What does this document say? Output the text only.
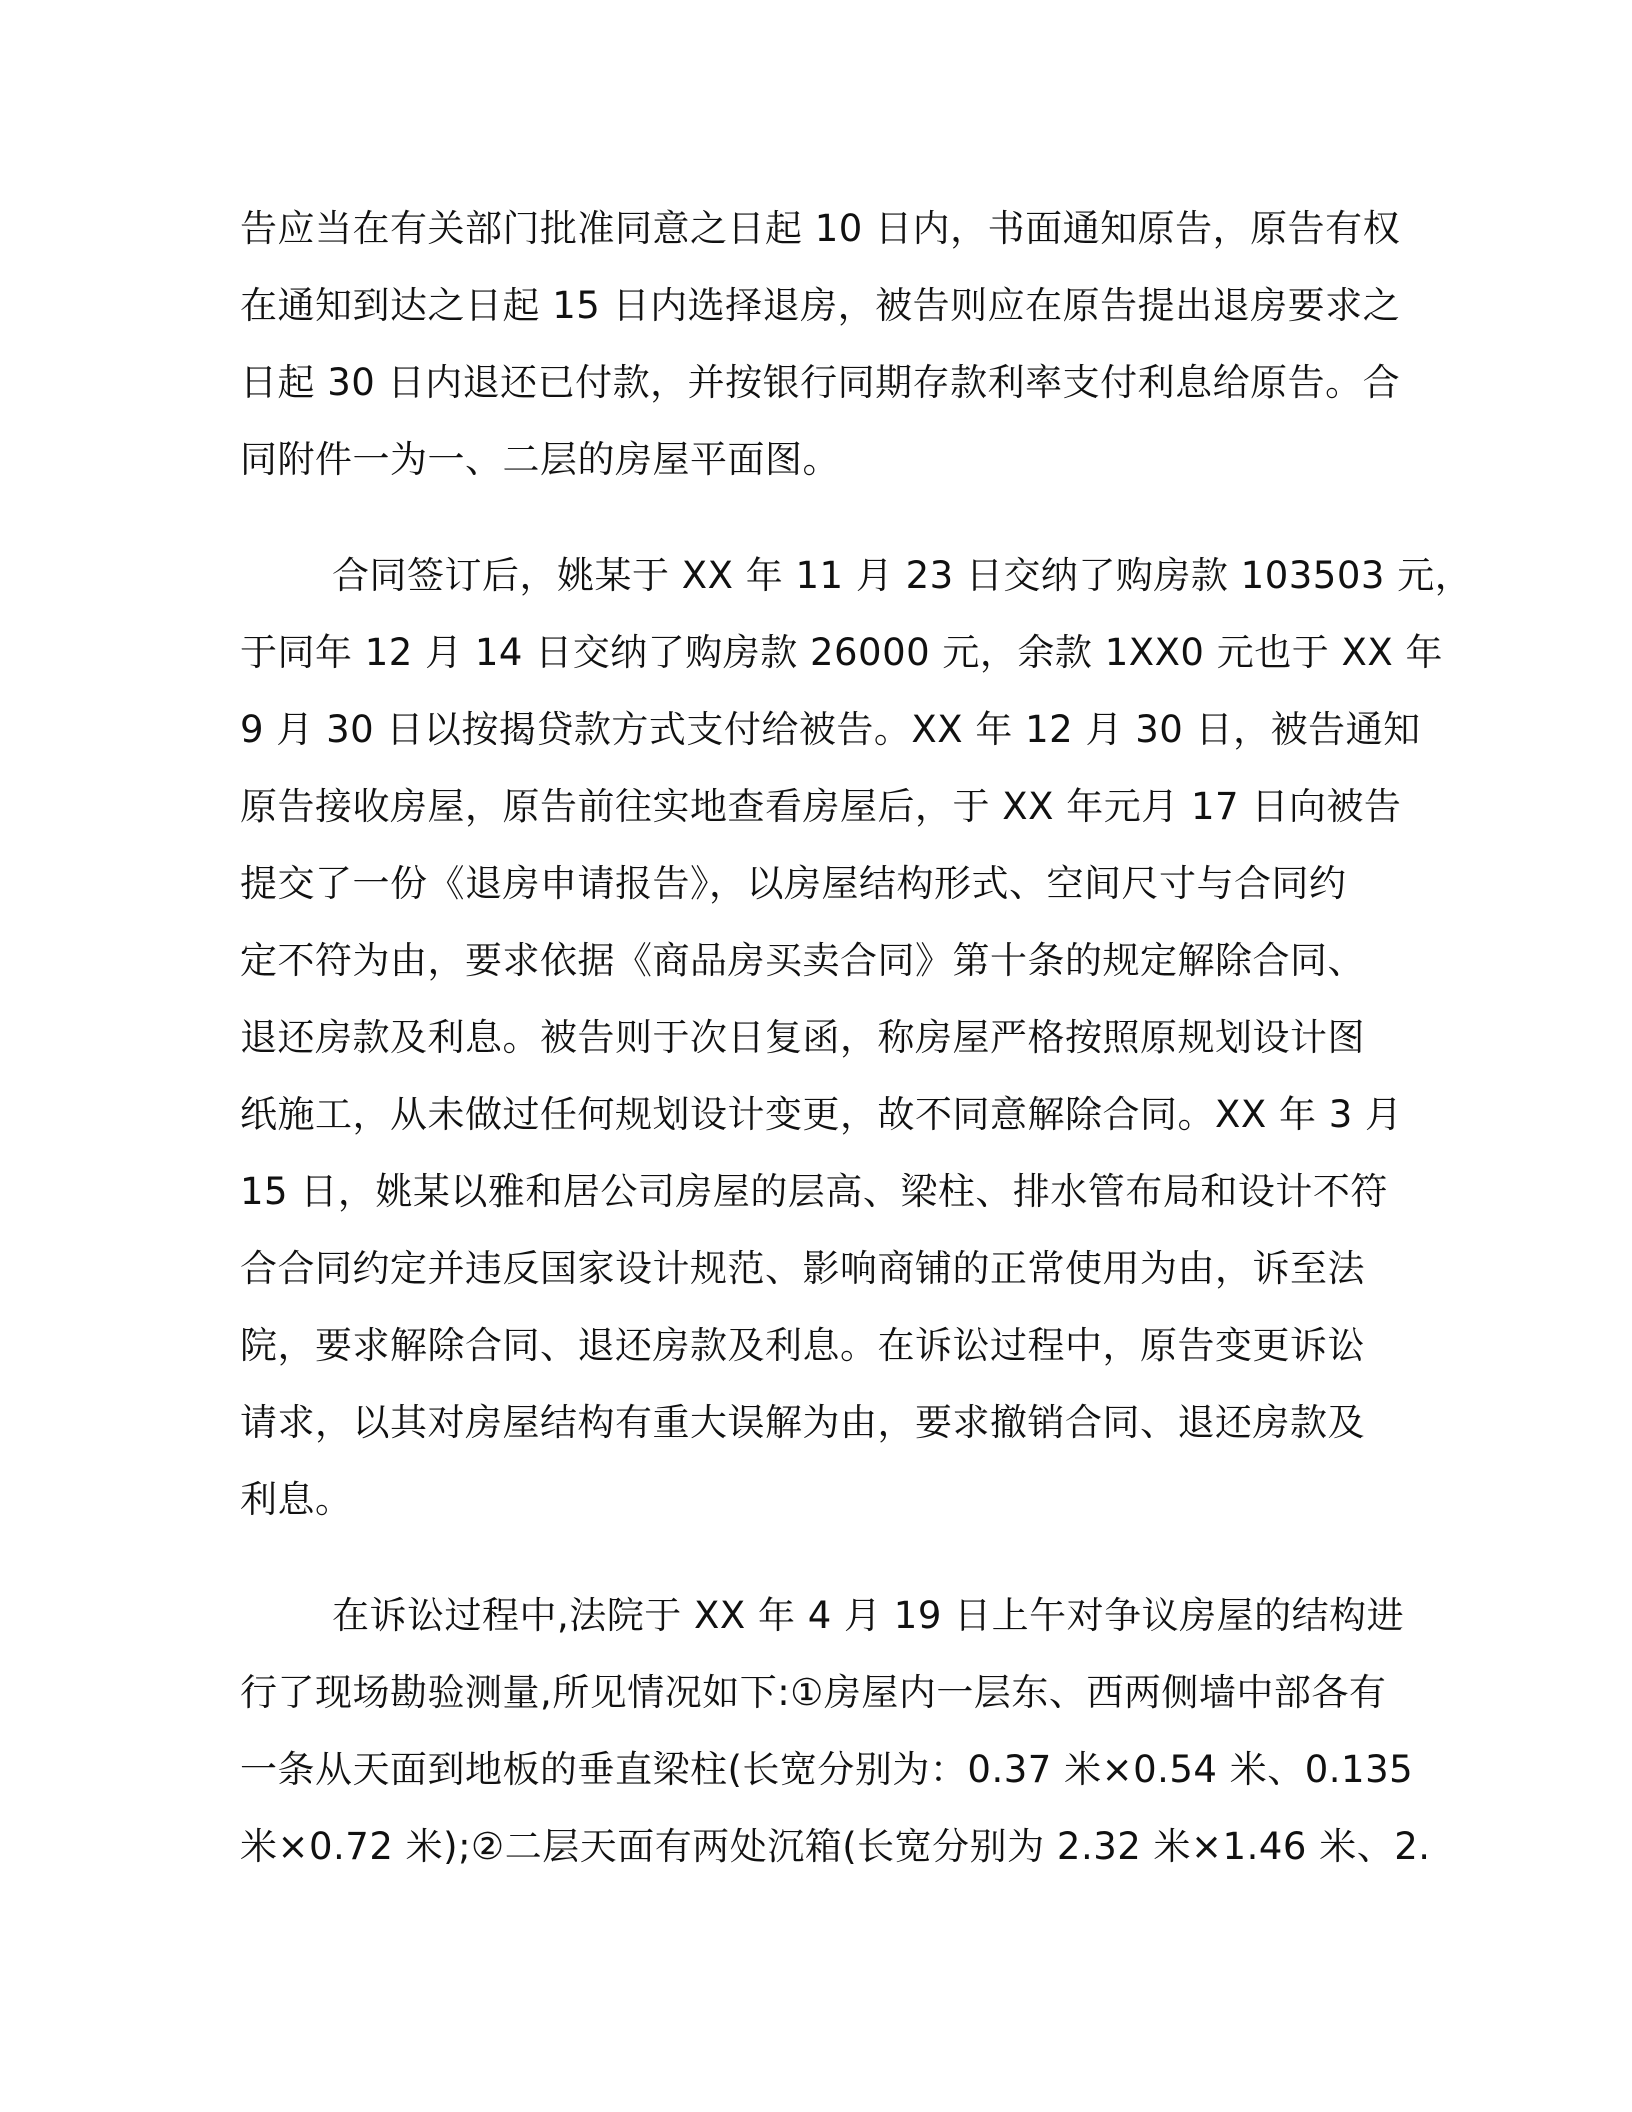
告应当在有关部门批准同意之日起 10 日内，书面通知原告，原告有权
在通知到达之日起 15 日内选择退房，被告则应在原告提出退房要求之
日起 30 日内退还已付款，并按银行同期存款利率支付利息给原告。合
同附件一为一、二层的房屋平面图。
合同签订后，姚某于 XX 年 11 月 23 日交纳了购房款 103503 元，
于同年 12 月 14 日交纳了购房款 26000 元，余款 1XX0 元也于 XX 年
9 月 30 日以按揭贷款方式支付给被告。XX 年 12 月 30 日，被告通知
原告接收房屋，原告前往实地查看房屋后，于 XX 年元月 17 日向被告
提交了一份《退房申请报告》，以房屋结构形式、空间尺寸与合同约
定不符为由，要求依据《商品房买卖合同》第十条的规定解除合同、
退还房款及利息。被告则于次日复函，称房屋严格按照原规划设计图
纸施工，从未做过任何规划设计变更，故不同意解除合同。XX 年 3 月
15 日，姚某以雅和居公司房屋的层高、梁柱、排水管布局和设计不符
合合同约定并违反国家设计规范、影响商铺的正常使用为由，诉至法
院，要求解除合同、退还房款及利息。在诉讼过程中，原告变更诉讼
请求，以其对房屋结构有重大误解为由，要求撤销合同、退还房款及
利息。
在诉讼过程中,法院于 XX 年 4 月 19 日上午对争议房屋的结构进
行了现场勘验测量,所见情况如下:①房屋内一层东、西两侧墙中部各有
一条从天面到地板的垂直梁柱(长宽分别为：0.37 米×0.54 米、0.135
米×0.72 米);②二层天面有两处沉箱(长宽分别为 2.32 米×1.46 米、2.
